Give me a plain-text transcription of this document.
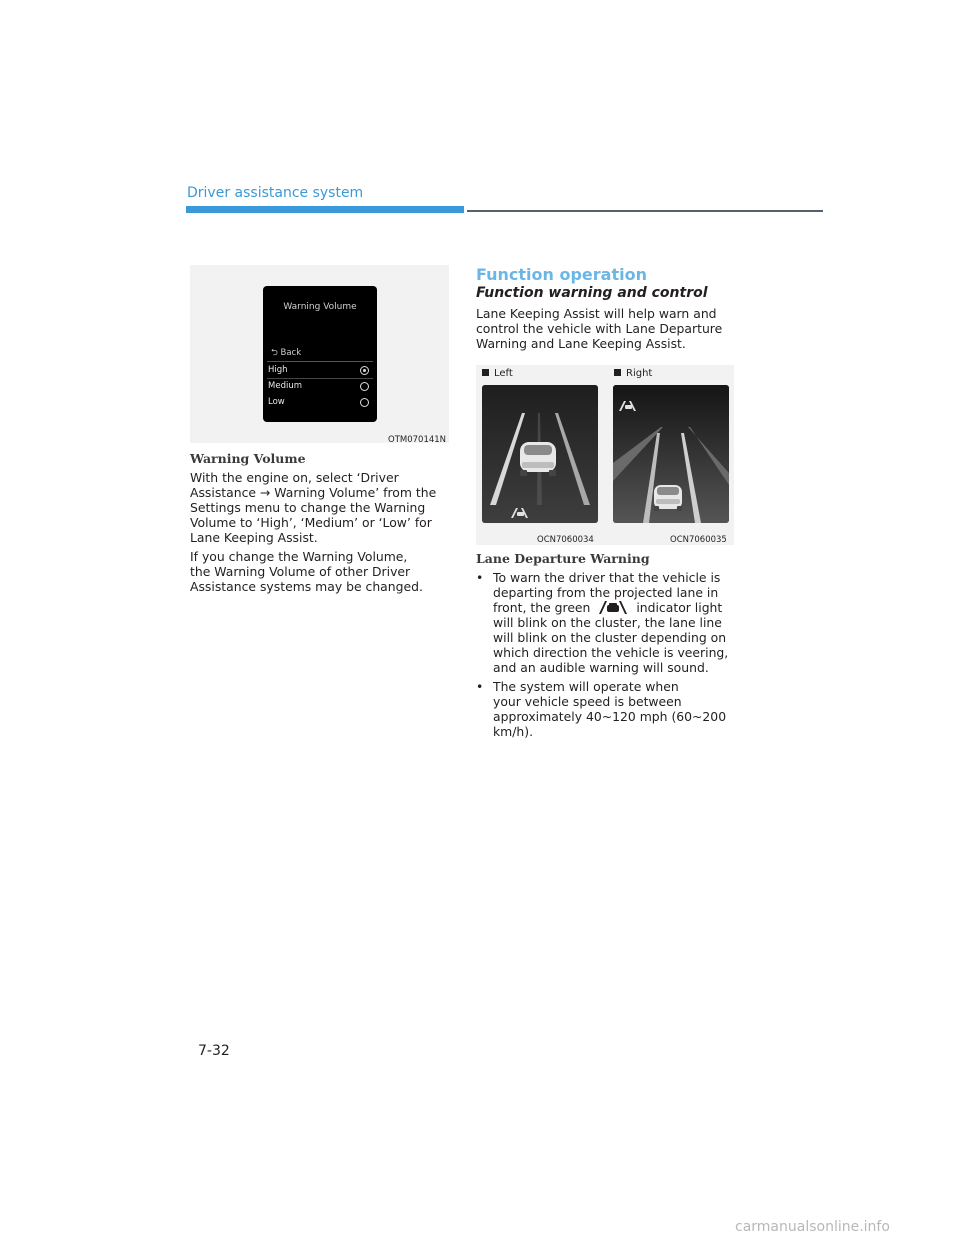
Driver assistance system
Warning Volume
⮌ Back
High
Medium
Low
OTM070141N
Warning Volume
With the engine on, select ‘Driver
Assistance → Warning Volume’ from the
Settings menu to change the Warning
Volume to ‘High’, ‘Medium’ or ‘Low’ for
Lane Keeping Assist.
If you change the Warning Volume,
the Warning Volume of other Driver
Assistance systems may be changed.
Function operation
Function warning and control
Lane Keeping Assist will help warn and
control the vehicle with Lane Departure
Warning and Lane Keeping Assist.
Left	Right
OCN7060034	OCN7060035
Lane Departure Warning
• To warn the driver that the vehicle is
departing from the projected lane in
front, the green	indicator light
will blink on the cluster, the lane line
will blink on the cluster depending on
which direction the vehicle is veering,
and an audible warning will sound.
• The system will operate when
your vehicle speed is between
approximately 40~120 mph (60~200
km/h).
7-32
carmanualsonline.info
